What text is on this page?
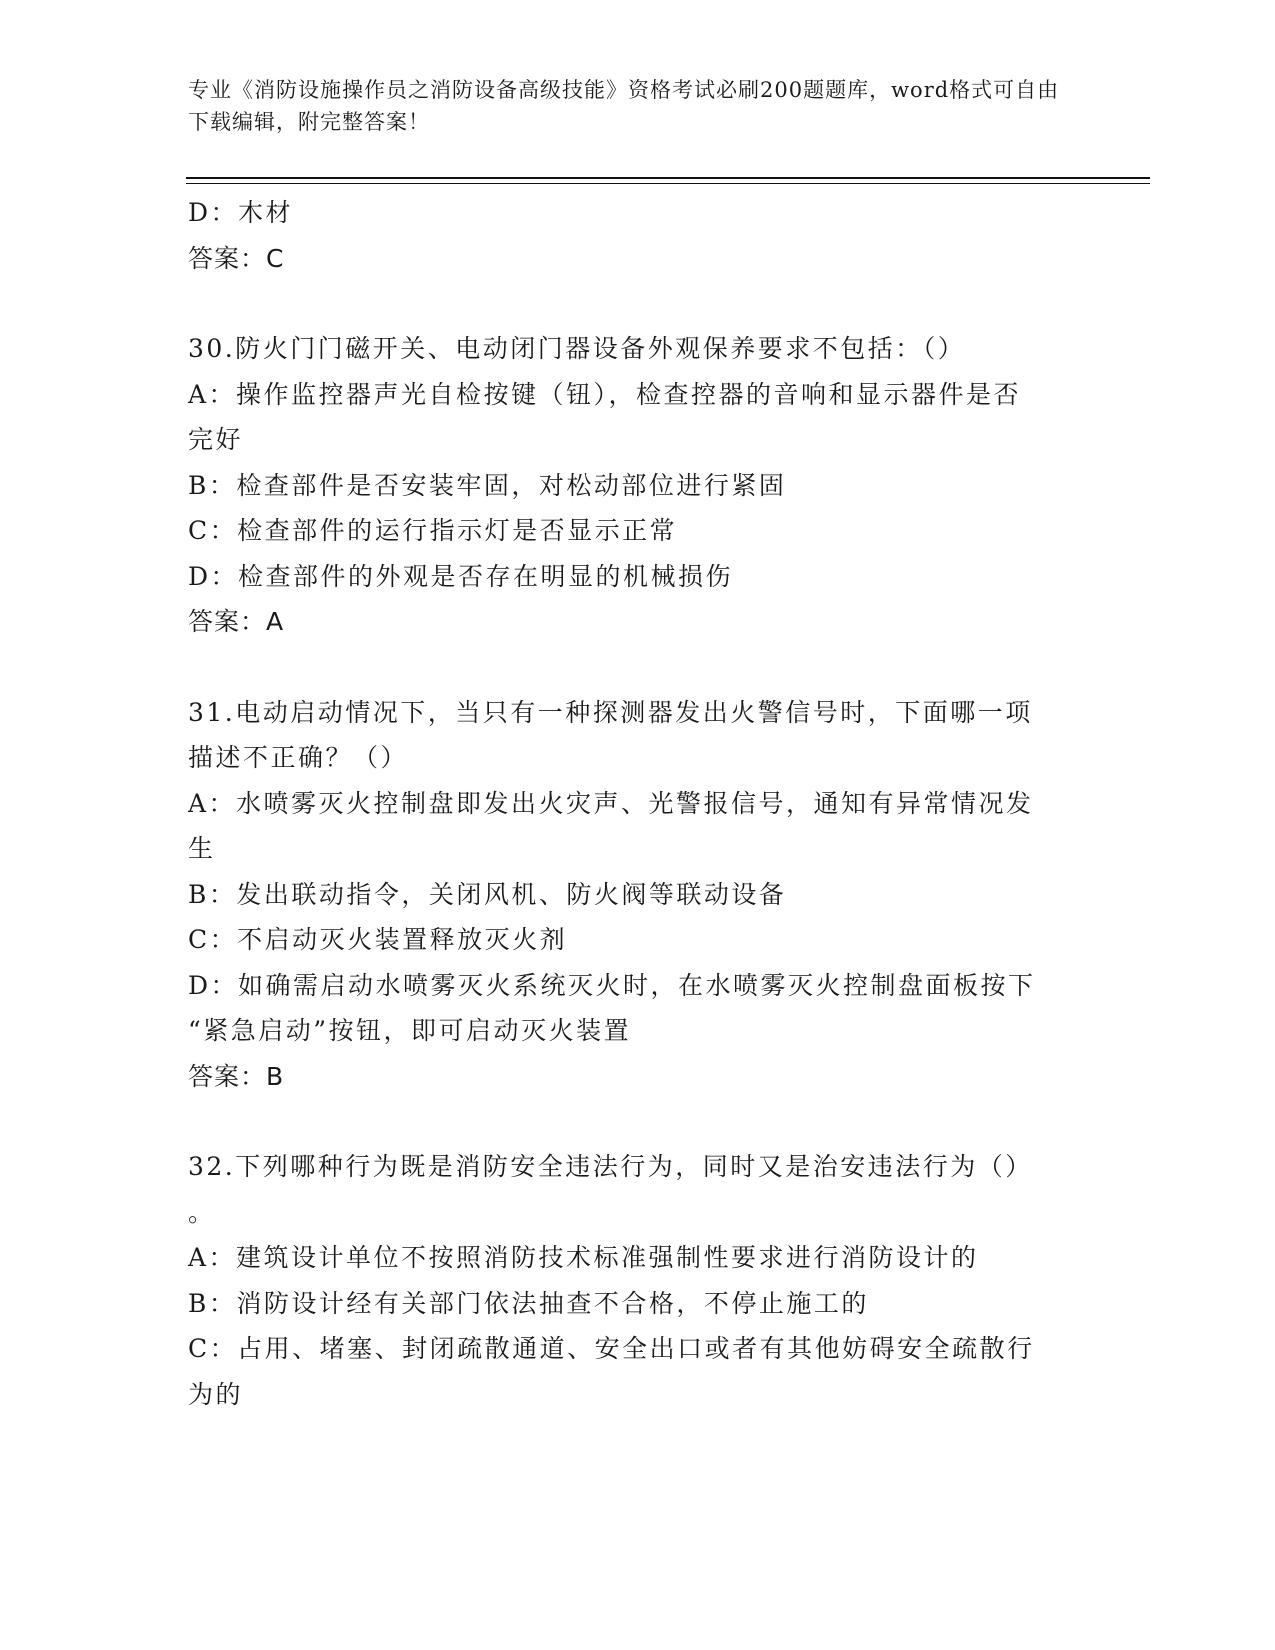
专业《消防设施操作员之消防设备高级技能》资格考试必刷200题题库，word格式可自由下载编辑，附完整答案！

D：木材

答案：C

30.防火门门磁开关、电动闭门器设备外观保养要求不包括：（）

A：操作监控器声光自检按键（钮），检查控器的音响和显示器件是否

完好

B：检查部件是否安装牢固，对松动部位进行紧固

C：检查部件的运行指示灯是否显示正常

D：检查部件的外观是否存在明显的机械损伤

答案：A

31.电动启动情况下，当只有一种探测器发出火警信号时，下面哪一项

描述不正确？（）

A：水喷雾灭火控制盘即发出火灾声、光警报信号，通知有异常情况发

生

B：发出联动指令，关闭风机、防火阀等联动设备

C：不启动灭火装置释放灭火剂

D：如确需启动水喷雾灭火系统灭火时，在水喷雾灭火控制盘面板按下

“紧急启动”按钮，即可启动灭火装置

答案：B

32.下列哪种行为既是消防安全违法行为，同时又是治安违法行为（）

。

A：建筑设计单位不按照消防技术标准强制性要求进行消防设计的

B：消防设计经有关部门依法抽查不合格，不停止施工的

C：占用、堵塞、封闭疏散通道、安全出口或者有其他妨碍安全疏散行

为的
